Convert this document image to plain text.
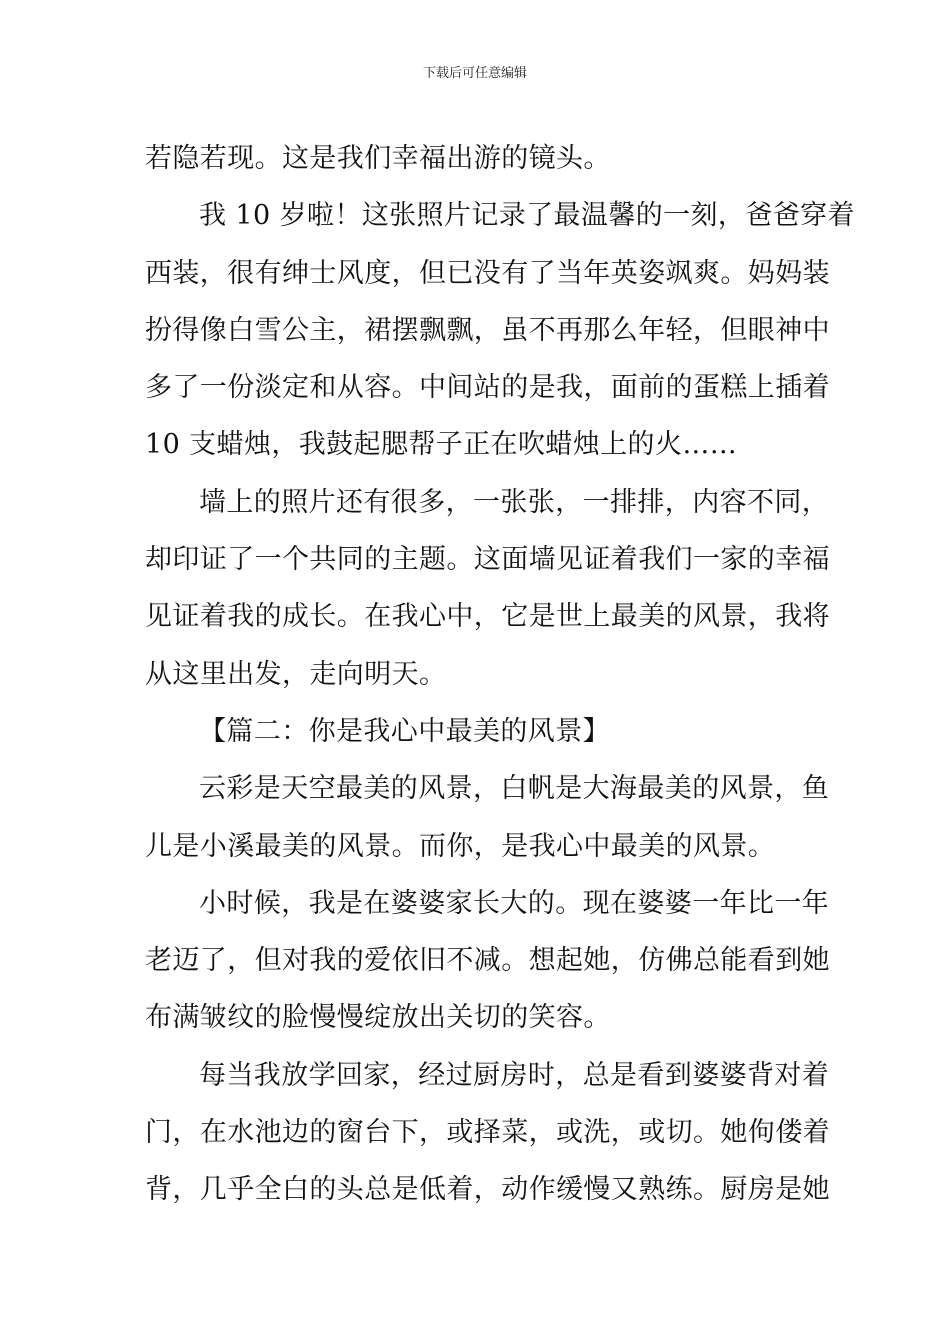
下载后可任意编辑
若隐若现。这是我们幸福出游的镜头。
我 10 岁啦！这张照片记录了最温馨的一刻，爸爸穿着
西装，很有绅士风度，但已没有了当年英姿飒爽。妈妈装
扮得像白雪公主，裙摆飘飘，虽不再那么年轻，但眼神中
多了一份淡定和从容。中间站的是我，面前的蛋糕上插着
10 支蜡烛，我鼓起腮帮子正在吹蜡烛上的火……
墙上的照片还有很多，一张张，一排排，内容不同，
却印证了一个共同的主题。这面墙见证着我们一家的幸福
见证着我的成长。在我心中，它是世上最美的风景，我将
从这里出发，走向明天。
【篇二：你是我心中最美的风景】
云彩是天空最美的风景，白帆是大海最美的风景，鱼
儿是小溪最美的风景。而你，是我心中最美的风景。
小时候，我是在婆婆家长大的。现在婆婆一年比一年
老迈了，但对我的爱依旧不减。想起她，仿佛总能看到她
布满皱纹的脸慢慢绽放出关切的笑容。
每当我放学回家，经过厨房时，总是看到婆婆背对着
门，在水池边的窗台下，或择菜，或洗，或切。她佝偻着
背，几乎全白的头总是低着，动作缓慢又熟练。厨房是她
